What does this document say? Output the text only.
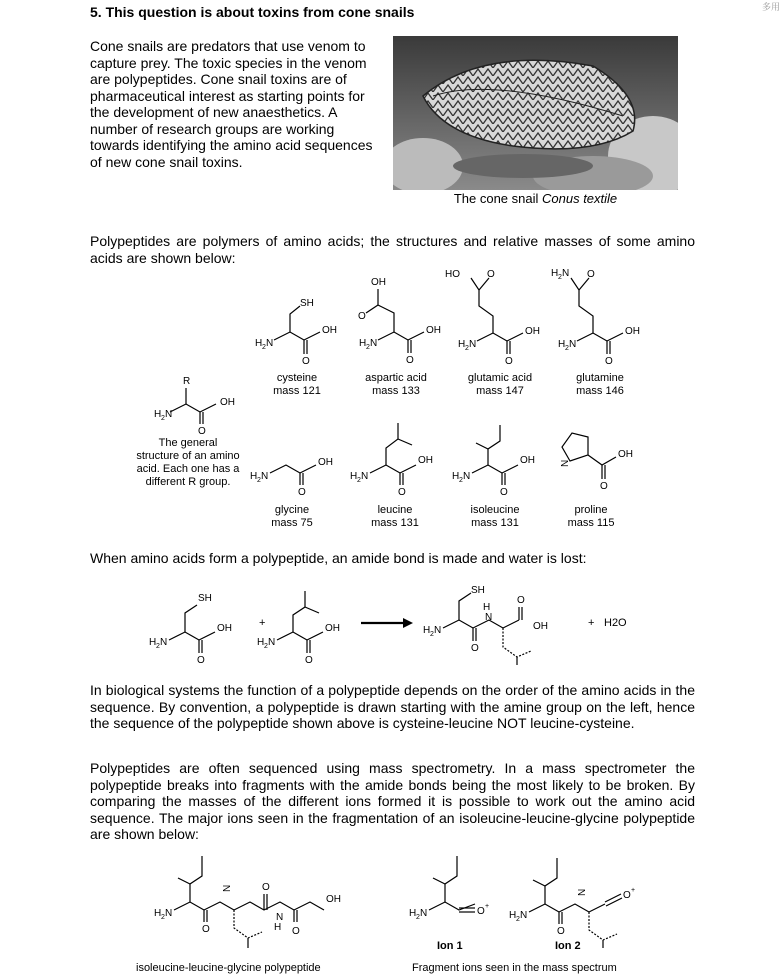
5. This question is about toxins from cone snails
Cone snails are predators that use venom to capture prey. The toxic species in the venom are polypeptides. Cone snail toxins are of pharmaceutical interest as starting points for the development of new anaesthetics. A number of research groups are working towards identifying the amino acid sequences of new cone snail toxins.
The cone snail Conus textile
Polypeptides are polymers of amino acids; the structures and relative masses of some amino acids are shown below:
R
OH
H 2 N
O
The general structure of an amino acid. Each one has a different R group.
SH
OH
H 2 N
O
cysteine
mass 121
OH
O
OH
H 2 N
O
aspartic acid
mass 133
HO	O
OH
H 2 N
O
glutamic acid
mass 147
H 2 N O
OH
H 2 N
O
glutamine
mass 146
OH
H 2 N
O
glycine
mass 75
OH
H 2 N
O
leucine
mass 131
OH
H 2 N
O
isoleucine
mass 131
OH
N
O
proline
mass 115
When amino acids form a polypeptide, an amide bond is made and water is lost:
SH
OH
H 2 N
O
OH
H 2 N
O
SH
H
N
O
OH
H 2 N
O
+	+ H2O
In biological systems the function of a polypeptide depends on the order of the amino acids in the sequence. By convention, a polypeptide is drawn starting with the amine group on the left, hence the sequence of the polypeptide shown above is cysteine-leucine NOT leucine-cysteine.
Polypeptides are often sequenced using mass spectrometry. In a mass spectrometer the polypeptide breaks into fragments with the amide bonds being the most likely to be broken. By comparing the masses of the different ions formed it is possible to work out the amino acid sequence. The major ions seen in the fragmentation of an isoleucine-leucine-glycine polypeptide are shown below:
H 2 N
O
N	O
N
H O
OH
isoleucine-leucine-glycine polypeptide
H 2 N	O +
Ion 1
H 2 N
O
N	O +
Ion 2
Fragment ions seen in the mass spectrum
多用
